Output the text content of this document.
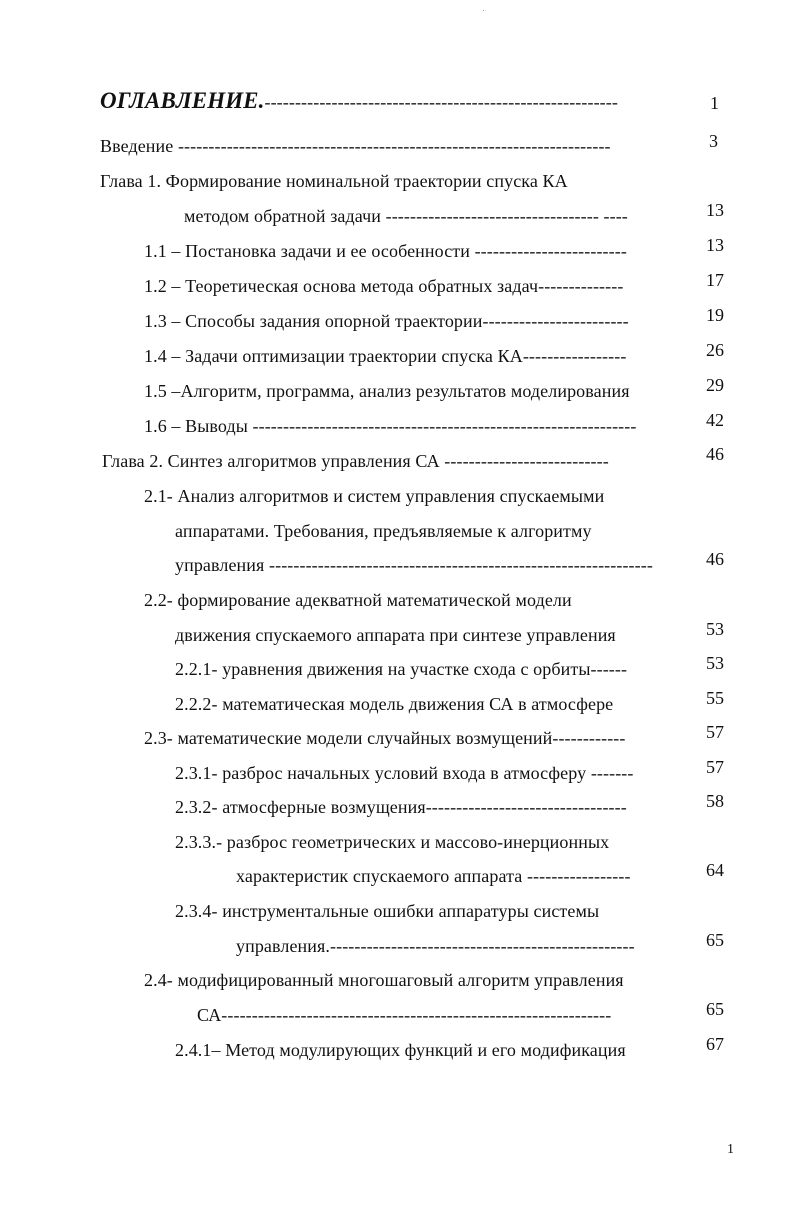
ОГЛАВЛЕНИЕ.----------------------------------------------------------	1
Введение -----------------------------------------------------------------------	3
Глава 1. Формирование номинальной траектории спуска КА
методом обратной задачи ----------------------------------- ----	13
1.1 – Постановка задачи и ее особенности -------------------------	13
1.2 – Теоретическая основа метода обратных задач--------------	17
1.3 – Способы задания опорной траектории------------------------	19
1.4 – Задачи оптимизации траектории спуска КА-----------------	26
1.5 –Алгоритм, программа, анализ результатов моделирования	29
1.6 – Выводы ---------------------------------------------------------------	42
Глава 2. Синтез алгоритмов управления СА ---------------------------	46
2.1- Анализ алгоритмов и систем управления спускаемыми
аппаратами. Требования, предъявляемые к алгоритму
управления ---------------------------------------------------------------	46
2.2- формирование адекватной математической модели
движения спускаемого аппарата при синтезе управления	53
2.2.1- уравнения движения на участке схода с орбиты------	53
2.2.2- математическая модель движения СА в атмосфере	55
2.3- математические модели случайных возмущений------------	57
2.3.1- разброс начальных условий входа в атмосферу -------	57
2.3.2- атмосферные возмущения---------------------------------	58
2.3.3.- разброс геометрических и массово-инерционных
характеристик спускаемого аппарата -----------------	64
2.3.4- инструментальные ошибки аппаратуры системы
управления.--------------------------------------------------	65
2.4- модифицированный многошаговый алгоритм управления
СА----------------------------------------------------------------	65
2.4.1– Метод модулирующих функций и его модификация	67
1
